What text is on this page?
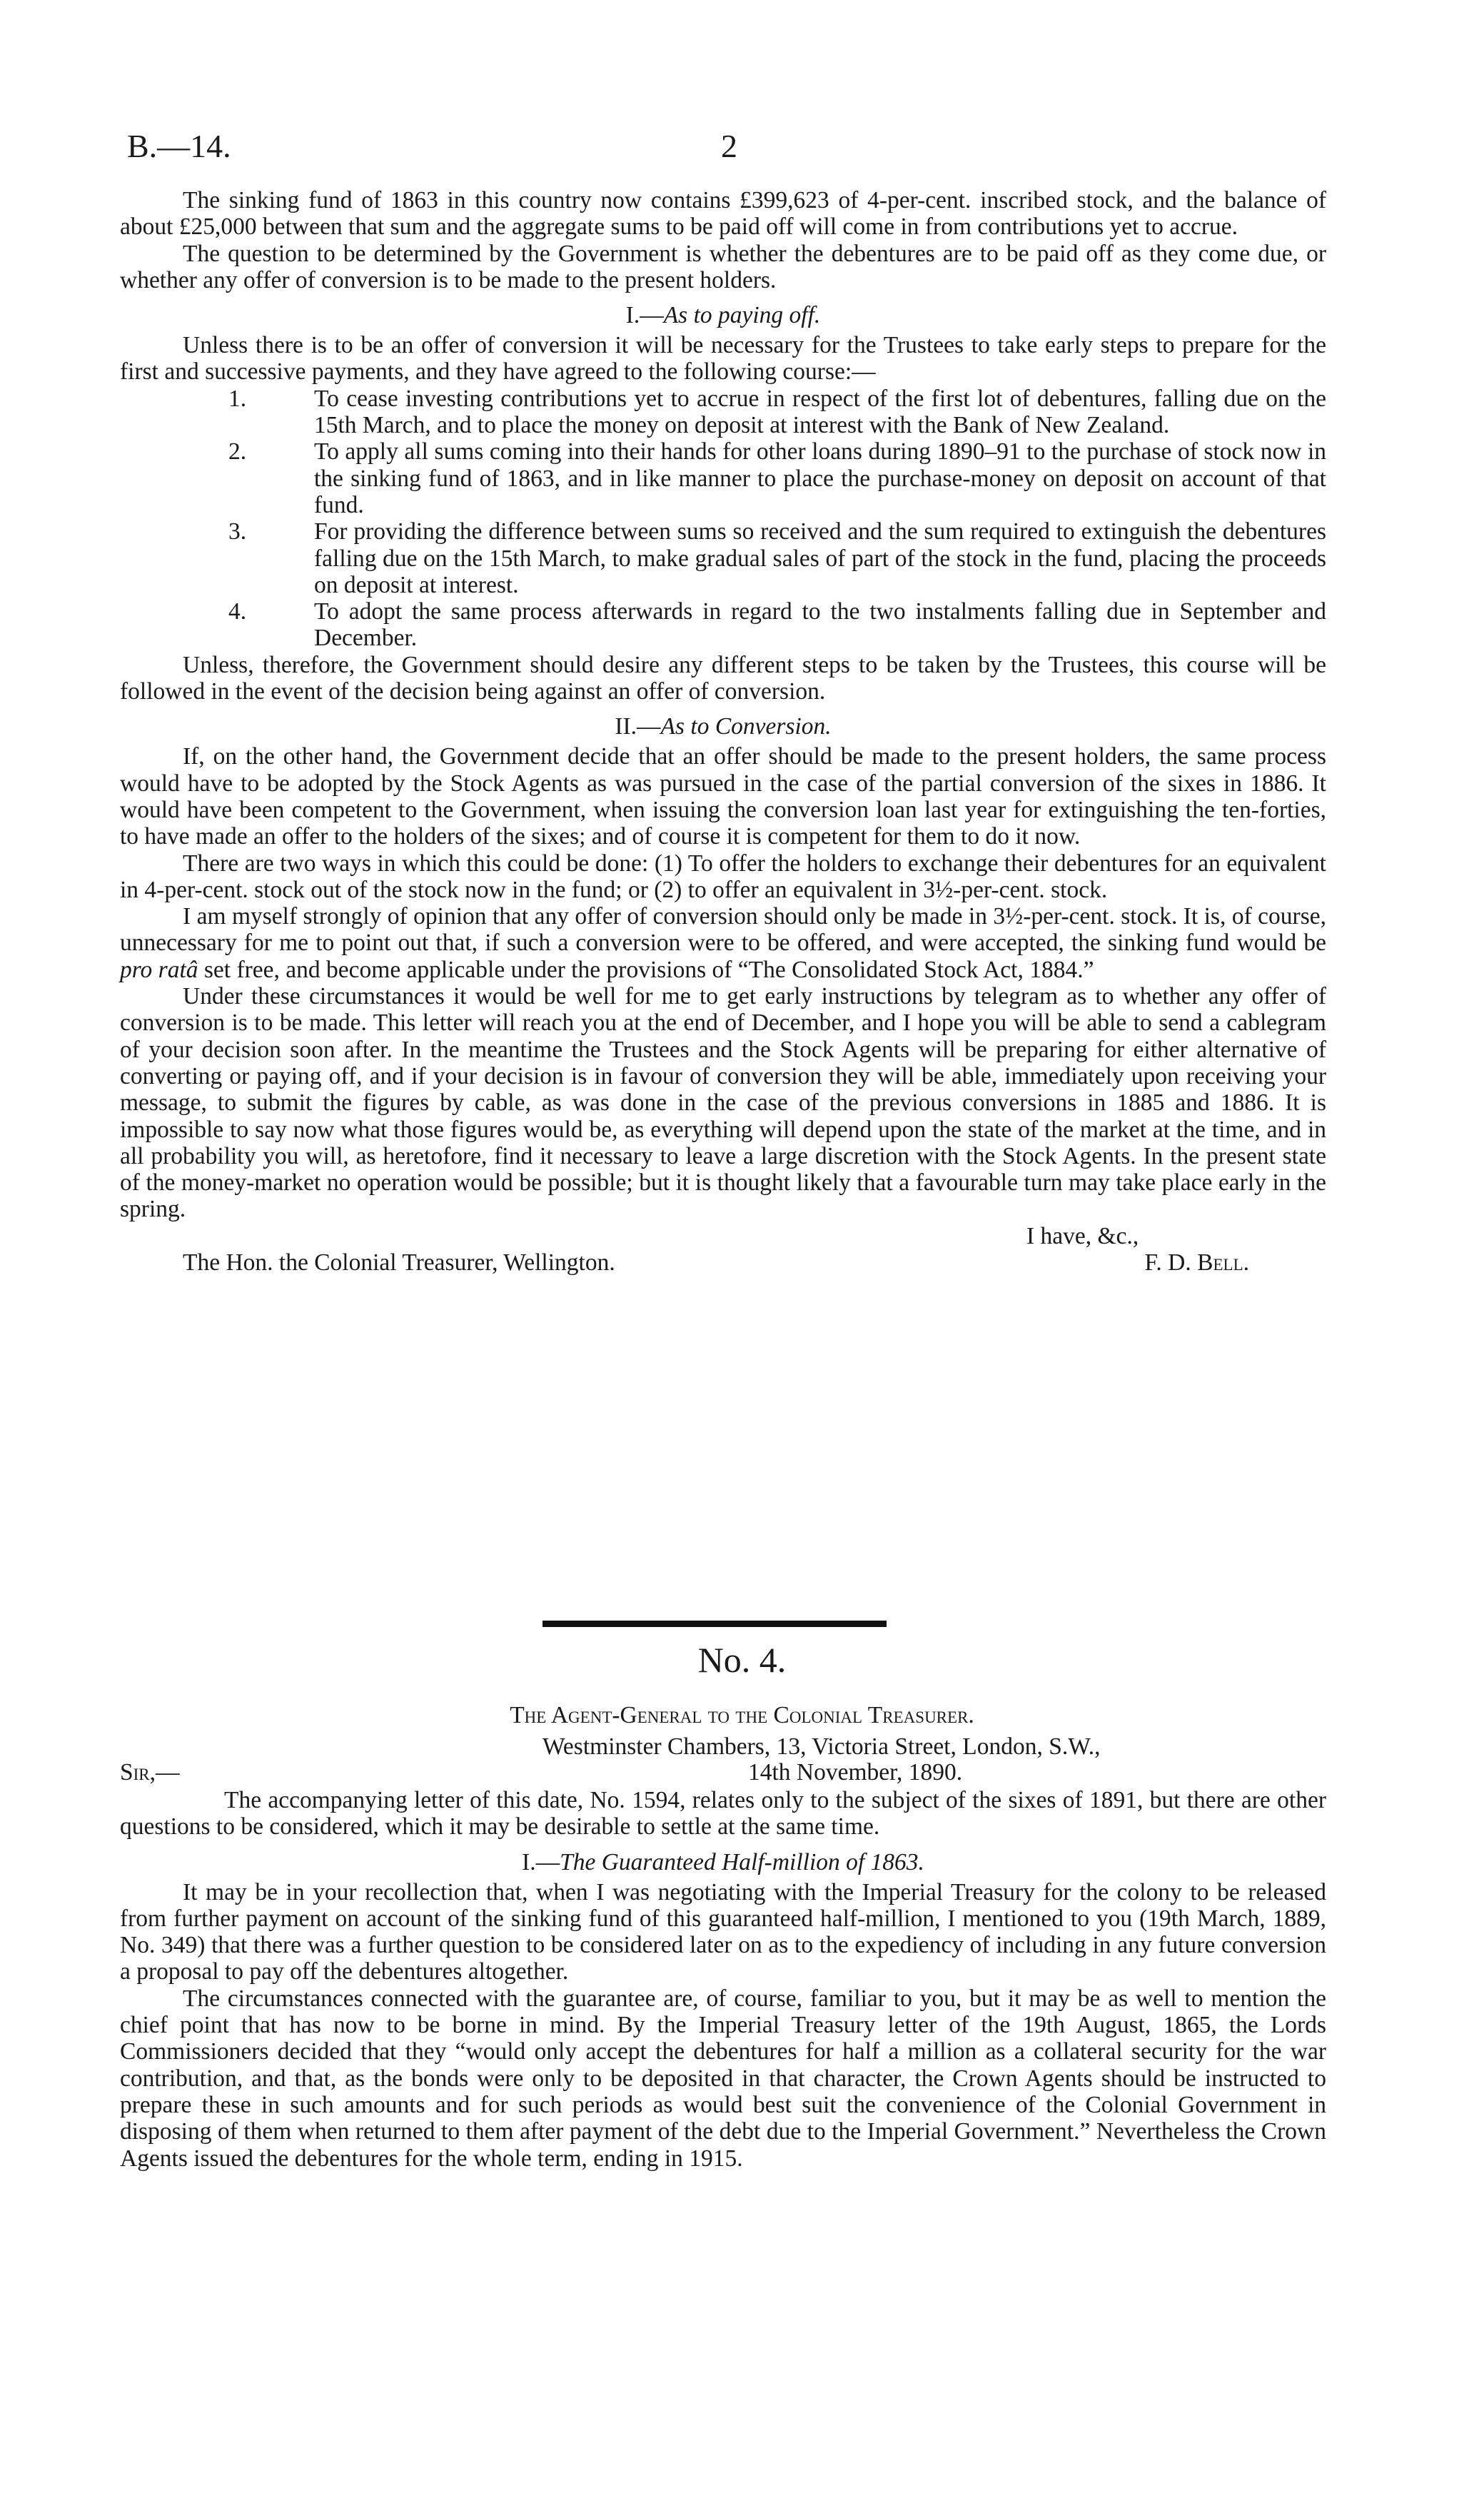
B.—14.	2

The sinking fund of 1863 in this country now contains £399,623 of 4-per-cent. inscribed stock, and the balance of about £25,000 between that sum and the aggregate sums to be paid off will come in from contributions yet to accrue.

The question to be determined by the Government is whether the debentures are to be paid off as they come due, or whether any offer of conversion is to be made to the present holders.

I.—As to paying off.

Unless there is to be an offer of conversion it will be necessary for the Trustees to take early steps to prepare for the first and successive payments, and they have agreed to the following course:—

1.	To cease investing contributions yet to accrue in respect of the first lot of debentures, falling due on the 15th March, and to place the money on deposit at interest with the Bank of New Zealand.
2.	To apply all sums coming into their hands for other loans during 1890–91 to the purchase of stock now in the sinking fund of 1863, and in like manner to place the purchase-money on deposit on account of that fund.
3.	For providing the difference between sums so received and the sum required to extinguish the debentures falling due on the 15th March, to make gradual sales of part of the stock in the fund, placing the proceeds on deposit at interest.
4.	To adopt the same process afterwards in regard to the two instalments falling due in September and December.

Unless, therefore, the Government should desire any different steps to be taken by the Trustees, this course will be followed in the event of the decision being against an offer of conversion.

II.—As to Conversion.

If, on the other hand, the Government decide that an offer should be made to the present holders, the same process would have to be adopted by the Stock Agents as was pursued in the case of the partial conversion of the sixes in 1886. It would have been competent to the Government, when issuing the conversion loan last year for extinguishing the ten-forties, to have made an offer to the holders of the sixes; and of course it is competent for them to do it now.

There are two ways in which this could be done: (1) To offer the holders to exchange their debentures for an equivalent in 4-per-cent. stock out of the stock now in the fund; or (2) to offer an equivalent in 3½-per-cent. stock.

I am myself strongly of opinion that any offer of conversion should only be made in 3½-per-cent. stock. It is, of course, unnecessary for me to point out that, if such a conversion were to be offered, and were accepted, the sinking fund would be pro ratâ set free, and become applicable under the provisions of “The Consolidated Stock Act, 1884.”

Under these circumstances it would be well for me to get early instructions by telegram as to whether any offer of conversion is to be made. This letter will reach you at the end of December, and I hope you will be able to send a cablegram of your decision soon after. In the meantime the Trustees and the Stock Agents will be preparing for either alternative of converting or paying off, and if your decision is in favour of conversion they will be able, immediately upon receiving your message, to submit the figures by cable, as was done in the case of the previous conversions in 1885 and 1886. It is impossible to say now what those figures would be, as everything will depend upon the state of the market at the time, and in all probability you will, as heretofore, find it necessary to leave a large discretion with the Stock Agents. In the present state of the money-market no operation would be possible; but it is thought likely that a favourable turn may take place early in the spring.

I have, &c.,
The Hon. the Colonial Treasurer, Wellington.	F. D. Bell.
No. 4.
The Agent-General to the Colonial Treasurer.
Westminster Chambers, 13, Victoria Street, London, S.W.,
Sir,—	14th November, 1890.

The accompanying letter of this date, No. 1594, relates only to the subject of the sixes of 1891, but there are other questions to be considered, which it may be desirable to settle at the same time.

I.—The Guaranteed Half-million of 1863.

It may be in your recollection that, when I was negotiating with the Imperial Treasury for the colony to be released from further payment on account of the sinking fund of this guaranteed half-million, I mentioned to you (19th March, 1889, No. 349) that there was a further question to be considered later on as to the expediency of including in any future conversion a proposal to pay off the debentures altogether.

The circumstances connected with the guarantee are, of course, familiar to you, but it may be as well to mention the chief point that has now to be borne in mind. By the Imperial Treasury letter of the 19th August, 1865, the Lords Commissioners decided that they “would only accept the debentures for half a million as a collateral security for the war contribution, and that, as the bonds were only to be deposited in that character, the Crown Agents should be instructed to prepare these in such amounts and for such periods as would best suit the convenience of the Colonial Government in disposing of them when returned to them after payment of the debt due to the Imperial Government.” Nevertheless the Crown Agents issued the debentures for the whole term, ending in 1915.
